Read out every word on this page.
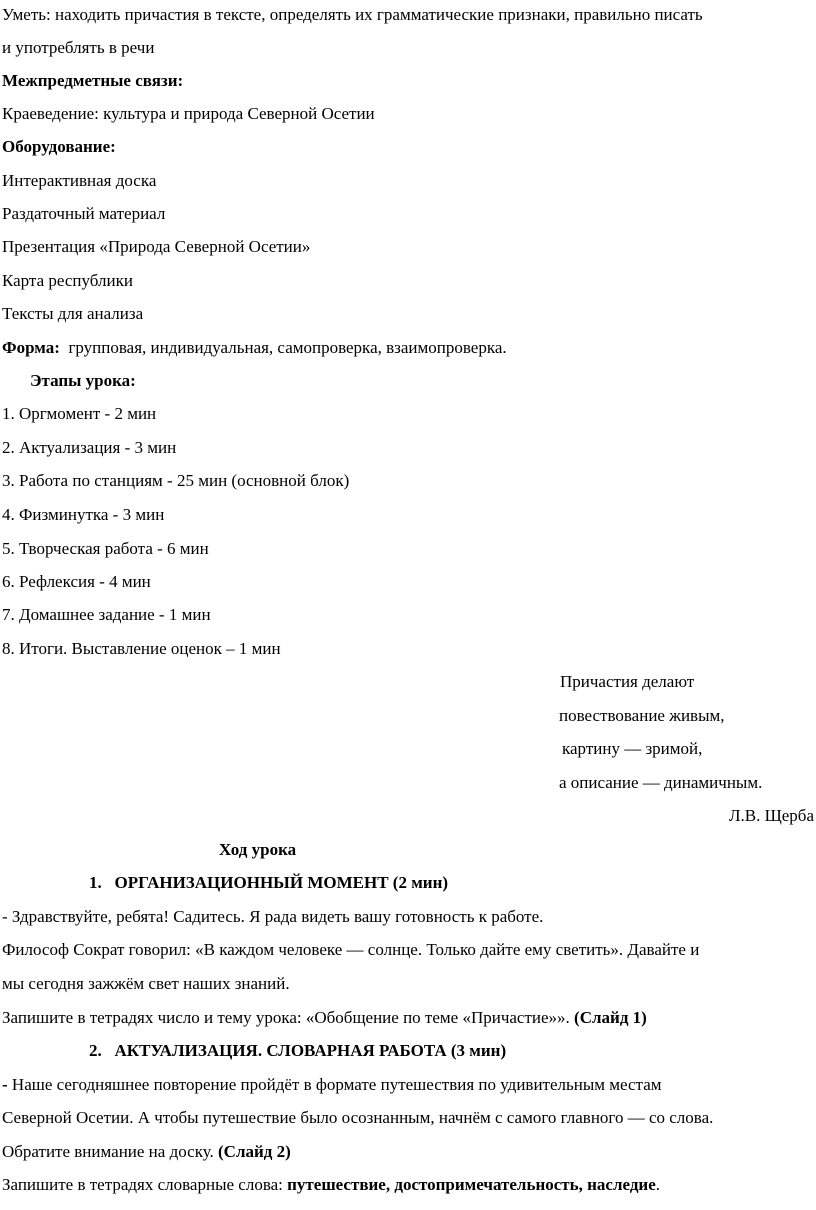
Уметь: находить причастия в тексте, определять их грамматические признаки, правильно писать
и употреблять в речи
Межпредметные связи:
Краеведение: культура и природа Северной Осетии
Оборудование:
Интерактивная доска
Раздаточный материал
Презентация «Природа Северной Осетии»
Карта республики
Тексты для анализа
Форма: групповая, индивидуальная, самопроверка, взаимопроверка.
Этапы урока:
1. Оргмомент - 2 мин
2. Актуализация - 3 мин
3. Работа по станциям - 25 мин (основной блок)
4. Физминутка - 3 мин
5. Творческая работа - 6 мин
6. Рефлексия - 4 мин
7. Домашнее задание - 1 мин
8. Итоги. Выставление оценок – 1 мин
Причастия делают
повествование живым,
картину — зримой,
а описание — динамичным.
Л.В. Щерба
Ход урока
1. ОРГАНИЗАЦИОННЫЙ МОМЕНТ (2 мин)
- Здравствуйте, ребята! Садитесь. Я рада видеть вашу готовность к работе.
Философ Сократ говорил: «В каждом человеке — солнце. Только дайте ему светить». Давайте и
мы сегодня зажжём свет наших знаний.
Запишите в тетрадях число и тему урока: «Обобщение по теме «Причастие»». (Слайд 1)
2. АКТУАЛИЗАЦИЯ. СЛОВАРНАЯ РАБОТА (3 мин)
- Наше сегодняшнее повторение пройдёт в формате путешествия по удивительным местам
Северной Осетии. А чтобы путешествие было осознанным, начнём с самого главного — со слова.
Обратите внимание на доску. (Слайд 2)
Запишите в тетрадях словарные слова: путешествие, достопримечательность, наследие.
